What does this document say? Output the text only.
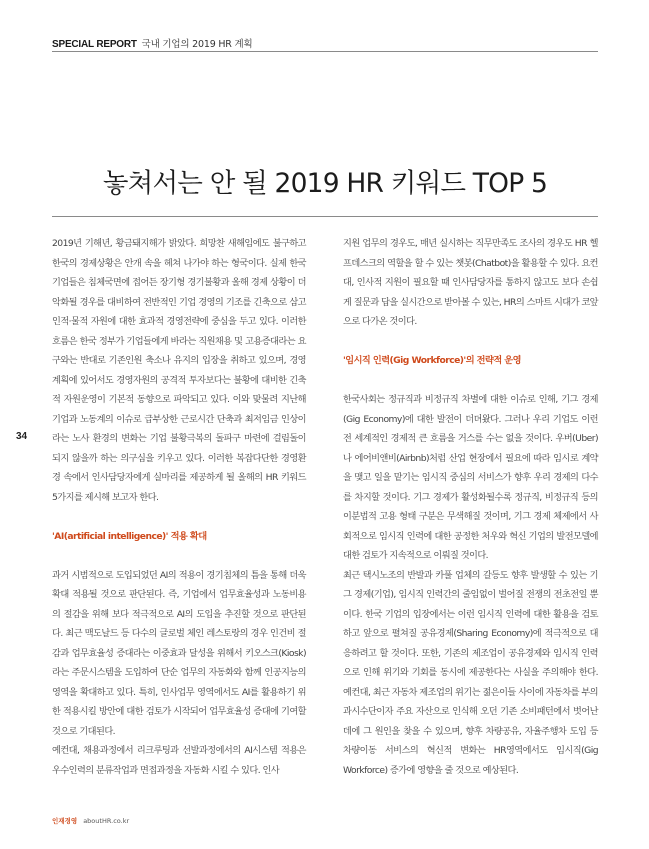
SPECIAL REPORT 국내 기업의 2019 HR 계획
놓쳐서는 안 될 2019 HR 키워드 TOP 5
34

2019년 기해년, 황금돼지해가 밝았다. 희망찬 새해임에도 불구하고 한국의 경제상황은 안개 속을 헤쳐 나가야 하는 형국이다. 실제 한국기업들은 침체국면에 접어든 장기형 경기불황과 올해 경제 상황이 더 악화될 경우를 대비하여 전반적인 기업 경영의 기조를 긴축으로 삼고 인적·물적 자원에 대한 효과적 경영전략에 중심을 두고 있다. 이러한 흐름은 한국 정부가 기업들에게 바라는 직원채용 및 고용증대라는 요구와는 반대로 기존인원 축소나 유지의 입장을 취하고 있으며, 경영계획에 있어서도 경영자원의 공격적 투자보다는 불황에 대비한 긴축적 자원운영이 기본적 동향으로 파악되고 있다. 이와 맞물려 지난해 기업과 노동계의 이슈로 급부상한 근로시간 단축과 최저임금 인상이라는 노사 환경의 변화는 기업 불황극복의 돌파구 마련에 걸림돌이 되지 않을까 하는 의구심을 키우고 있다. 이러한 복잡다단한 경영환경 속에서 인사담당자에게 실마리를 제공하게 될 올해의 HR 키워드 5가지를 제시해 보고자 한다.

'AI(artificial intelligence)' 적용 확대

과거 시범적으로 도입되었던 AI의 적용이 경기침체의 틈을 통해 더욱 확대 적용될 것으로 판단된다. 즉, 기업에서 업무효율성과 노동비용의 절감을 위해 보다 적극적으로 AI의 도입을 추진할 것으로 판단된다. 최근 맥도날드 등 다수의 글로벌 체인 레스토랑의 경우 인건비 절감과 업무효율성 증대라는 이중효과 달성을 위해서 키오스크(Kiosk)라는 주문시스템을 도입하여 단순 업무의 자동화와 함께 인공지능의 영역을 확대하고 있다. 특히, 인사업무 영역에서도 AI를 활용하기 위한 적용시킬 방안에 대한 검토가 시작되어 업무효율성 증대에 기여할 것으로 기대된다.

예컨대, 채용과정에서 리크루팅과 선발과정에서의 AI시스템 적용은 우수인력의 분류작업과 면접과정을 자동화 시킬 수 있다. 인사

지원 업무의 경우도, 매년 실시하는 직무만족도 조사의 경우도 HR 헬프데스크의 역할을 할 수 있는 챗봇(Chatbot)을 활용할 수 있다. 요컨대, 인사적 지원이 필요할 때 인사담당자를 통하지 않고도 보다 손쉽게 질문과 답을 실시간으로 받아볼 수 있는, HR의 스마트 시대가 코앞으로 다가온 것이다.

'임시직 인력(Gig Workforce)'의 전략적 운영

한국사회는 정규직과 비정규직 차별에 대한 이슈로 인해, 기그 경제(Gig Economy)에 대한 발전이 더뎌왔다. 그러나 우리 기업도 이런 전 세계적인 경제적 큰 흐름을 거스를 수는 없을 것이다. 우버(Uber)나 에어비앤비(Airbnb)처럼 산업 현장에서 필요에 따라 임시로 계약을 맺고 일을 맡기는 임시직 중심의 서비스가 향후 우리 경제의 다수를 차지할 것이다. 기그 경제가 활성화될수록 정규직, 비정규직 등의 이분법적 고용 형태 구분은 무색해질 것이며, 기그 경제 체제에서 사회적으로 임시직 인력에 대한 공정한 처우와 혁신 기업의 발전모델에 대한 검토가 지속적으로 이뤄질 것이다.

최근 택시노조의 반발과 카풀 업체의 갈등도 향후 발생할 수 있는 기그 경제(기업), 임시직 인력간의 줄임없이 벌어질 전쟁의 전초전일 뿐이다. 한국 기업의 입장에서는 이런 임시직 인력에 대한 활용을 검토하고 앞으로 펼쳐질 공유경제(Sharing Economy)에 적극적으로 대응하려고 할 것이다. 또한, 기존의 제조업이 공유경제와 임시직 인력으로 인해 위기와 기회를 동시에 제공한다는 사실을 주의해야 한다. 예컨대, 최근 자동차 제조업의 위기는 젊은이들 사이에 자동차를 부의 과시수단이자 주요 자산으로 인식해 오던 기존 소비패턴에서 벗어난 데에 그 원인을 찾을 수 있으며, 향후 차량공유, 자율주행차 도입 등 차량이동 서비스의 혁신적 변화는 HR영역에서도 임시직(Gig Workforce) 증가에 영향을 줄 것으로 예상된다.

인재경영 aboutHR.co.kr
